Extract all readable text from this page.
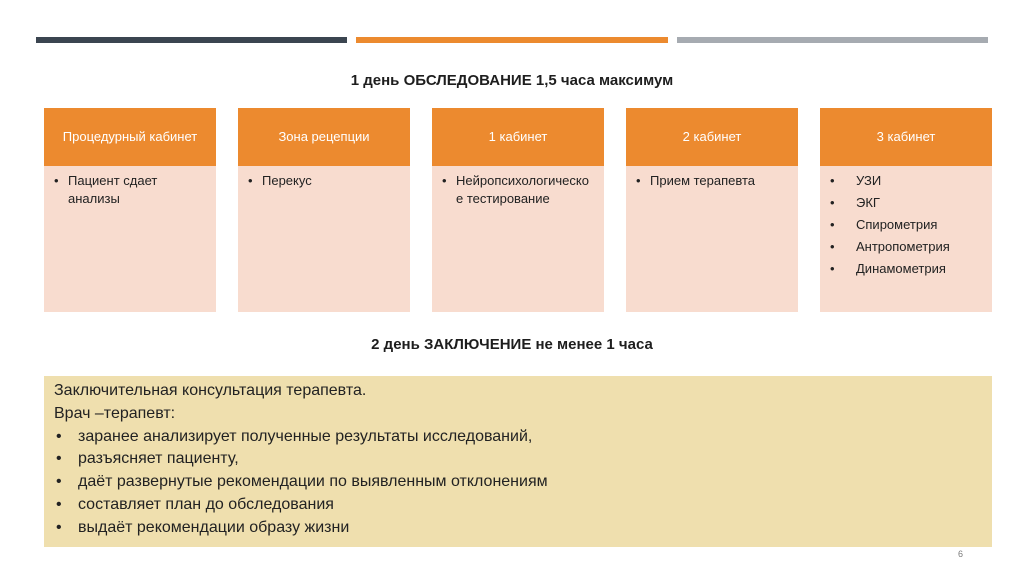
1 день ОБСЛЕДОВАНИЕ 1,5 часа максимум
Процедурный кабинет
• Пациент сдает анализы
Зона рецепции
• Перекус
1 кабинет
• Нейропсихологическое тестирование
2 кабинет
• Прием терапевта
3 кабинет
• УЗИ
• ЭКГ
• Спирометрия
• Антропометрия
• Динамометрия
2 день ЗАКЛЮЧЕНИЕ не менее 1 часа
Заключительная консультация терапевта.
Врач –терапевт:
• заранее анализирует полученные результаты исследований,
• разъясняет пациенту,
• даёт развернутые рекомендации по выявленным отклонениям
• составляет план до обследования
• выдаёт рекомендации образу жизни
6
